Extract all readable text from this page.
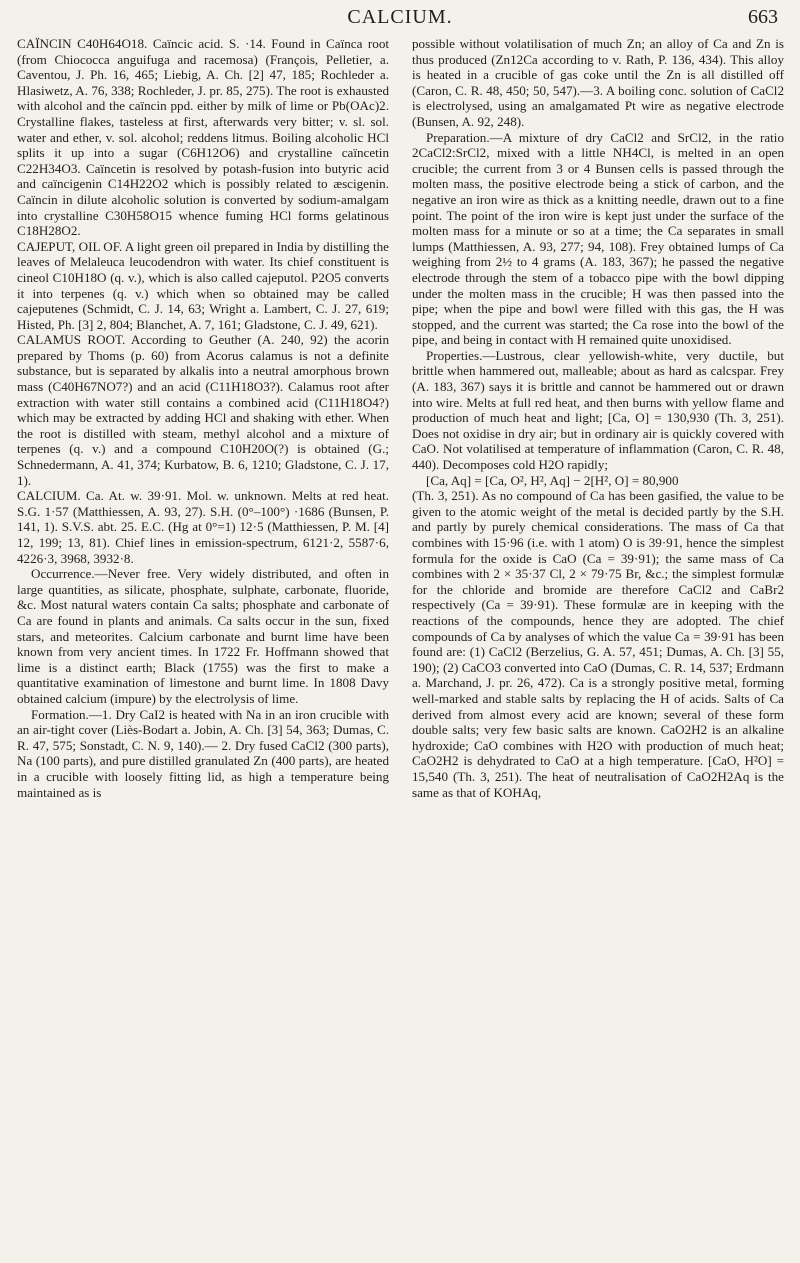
CALCIUM.	663

CAÏNCIN C40H64O18. Caïncic acid. S. ·14. Found in Caïnca root (from Chiococca anguifuga and racemosa) (François, Pelletier, a. Caventou, J. Ph. 16, 465; Liebig, A. Ch. [2] 47, 185; Rochleder a. Hlasiwetz, A. 76, 338; Rochleder, J. pr. 85, 275). The root is exhausted with alcohol and the caïncin ppd. either by milk of lime or Pb(OAc)2. Crystalline flakes, tasteless at first, afterwards very bitter; v. sl. sol. water and ether, v. sol. alcohol; reddens litmus. Boiling alcoholic HCl splits it up into a sugar (C6H12O6) and crystalline caïncetin C22H34O3. Caïncetin is resolved by potash-fusion into butyric acid and caïncigenin C14H22O2 which is possibly related to æscigenin. Caïncin in dilute alcoholic solution is converted by sodium-amalgam into crystalline C30H58O15 whence fuming HCl forms gelatinous C18H28O2.

CAJEPUT, OIL OF. A light green oil prepared in India by distilling the leaves of Melaleuca leucodendron with water. Its chief constituent is cineol C10H18O (q. v.), which is also called cajeputol. P2O5 converts it into terpenes (q. v.) which when so obtained may be called cajeputenes (Schmidt, C. J. 14, 63; Wright a. Lambert, C. J. 27, 619; Histed, Ph. [3] 2, 804; Blanchet, A. 7, 161; Gladstone, C. J. 49, 621).

CALAMUS ROOT. According to Geuther (A. 240, 92) the acorin prepared by Thoms (p. 60) from Acorus calamus is not a definite substance, but is separated by alkalis into a neutral amorphous brown mass (C40H67NO7?) and an acid (C11H18O3?). Calamus root after extraction with water still contains a combined acid (C11H18O4?) which may be extracted by adding HCl and shaking with ether. When the root is distilled with steam, methyl alcohol and a mixture of terpenes (q. v.) and a compound C10H20O(?) is obtained (G.; Schnedermann, A. 41, 374; Kurbatow, B. 6, 1210; Gladstone, C. J. 17, 1).

CALCIUM. Ca. At. w. 39·91. Mol. w. unknown. Melts at red heat. S.G. 1·57 (Matthiessen, A. 93, 27). S.H. (0°–100°) ·1686 (Bunsen, P. 141, 1). S.V.S. abt. 25. E.C. (Hg at 0°=1) 12·5 (Matthiessen, P. M. [4] 12, 199; 13, 81). Chief lines in emission-spectrum, 6121·2, 5587·6, 4226·3, 3968, 3932·8.

Occurrence.—Never free. Very widely distributed, and often in large quantities, as silicate, phosphate, sulphate, carbonate, fluoride, &c. Most natural waters contain Ca salts; phosphate and carbonate of Ca are found in plants and animals. Ca salts occur in the sun, fixed stars, and meteorites. Calcium carbonate and burnt lime have been known from very ancient times. In 1722 Fr. Hoffmann showed that lime is a distinct earth; Black (1755) was the first to make a quantitative examination of limestone and burnt lime. In 1808 Davy obtained calcium (impure) by the electrolysis of lime.

Formation.—1. Dry CaI2 is heated with Na in an iron crucible with an air-tight cover (Liès-Bodart a. Jobin, A. Ch. [3] 54, 363; Dumas, C. R. 47, 575; Sonstadt, C. N. 9, 140).— 2. Dry fused CaCl2 (300 parts), Na (100 parts), and pure distilled granulated Zn (400 parts), are heated in a crucible with loosely fitting lid, as high a temperature being maintained as is

possible without volatilisation of much Zn; an alloy of Ca and Zn is thus produced (Zn12Ca according to v. Rath, P. 136, 434). This alloy is heated in a crucible of gas coke until the Zn is all distilled off (Caron, C. R. 48, 450; 50, 547).—3. A boiling conc. solution of CaCl2 is electrolysed, using an amalgamated Pt wire as negative electrode (Bunsen, A. 92, 248).

Preparation.—A mixture of dry CaCl2 and SrCl2, in the ratio 2CaCl2:SrCl2, mixed with a little NH4Cl, is melted in an open crucible; the current from 3 or 4 Bunsen cells is passed through the molten mass, the positive electrode being a stick of carbon, and the negative an iron wire as thick as a knitting needle, drawn out to a fine point. The point of the iron wire is kept just under the surface of the molten mass for a minute or so at a time; the Ca separates in small lumps (Matthiessen, A. 93, 277; 94, 108). Frey obtained lumps of Ca weighing from 2½ to 4 grams (A. 183, 367); he passed the negative electrode through the stem of a tobacco pipe with the bowl dipping under the molten mass in the crucible; H was then passed into the pipe; when the pipe and bowl were filled with this gas, the H was stopped, and the current was started; the Ca rose into the bowl of the pipe, and being in contact with H remained quite unoxidised.

Properties.—Lustrous, clear yellowish-white, very ductile, but brittle when hammered out, malleable; about as hard as calcspar. Frey (A. 183, 367) says it is brittle and cannot be hammered out or drawn into wire. Melts at full red heat, and then burns with yellow flame and production of much heat and light; [Ca, O] = 130,930 (Th. 3, 251). Does not oxidise in dry air; but in ordinary air is quickly covered with CaO. Not volatilised at temperature of inflammation (Caron, C. R. 48, 440). Decomposes cold H2O rapidly;

[Ca, Aq] = [Ca, O², H², Aq] − 2[H², O] = 80,900

(Th. 3, 251). As no compound of Ca has been gasified, the value to be given to the atomic weight of the metal is decided partly by the S.H. and partly by purely chemical considerations. The mass of Ca that combines with 15·96 (i.e. with 1 atom) O is 39·91, hence the simplest formula for the oxide is CaO (Ca = 39·91); the same mass of Ca combines with 2 × 35·37 Cl, 2 × 79·75 Br, &c.; the simplest formulæ for the chloride and bromide are therefore CaCl2 and CaBr2 respectively (Ca = 39·91). These formulæ are in keeping with the reactions of the compounds, hence they are adopted. The chief compounds of Ca by analyses of which the value Ca = 39·91 has been found are: (1) CaCl2 (Berzelius, G. A. 57, 451; Dumas, A. Ch. [3] 55, 190); (2) CaCO3 converted into CaO (Dumas, C. R. 14, 537; Erdmann a. Marchand, J. pr. 26, 472). Ca is a strongly positive metal, forming well-marked and stable salts by replacing the H of acids. Salts of Ca derived from almost every acid are known; several of these form double salts; very few basic salts are known. CaO2H2 is an alkaline hydroxide; CaO combines with H2O with production of much heat; CaO2H2 is dehydrated to CaO at a high temperature. [CaO, H²O] = 15,540 (Th. 3, 251). The heat of neutralisation of CaO2H2Aq is the same as that of KOHAq,
